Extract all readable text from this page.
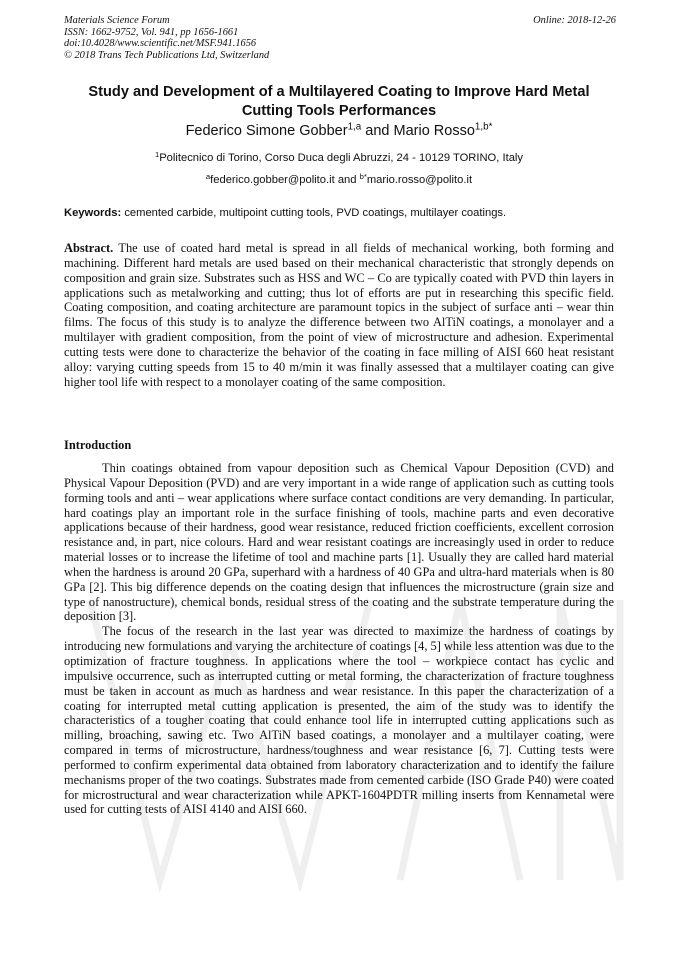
Materials Science Forum
ISSN: 1662-9752, Vol. 941, pp 1656-1661
doi:10.4028/www.scientific.net/MSF.941.1656
© 2018 Trans Tech Publications Ltd, Switzerland
Online: 2018-12-26
Study and Development of a Multilayered Coating to Improve Hard Metal
Cutting Tools Performances
Federico Simone Gobber$^{1,a}$ and Mario Rosso$^{1,b*}$
$^1$Politecnico di Torino, Corso Duca degli Abruzzi, 24 - 10129 TORINO, Italy
$^a$federico.gobber@polito.it and $^{b*}$mario.rosso@polito.it
Keywords: cemented carbide, multipoint cutting tools, PVD coatings, multilayer coatings.

Abstract. The use of coated hard metal is spread in all fields of mechanical working, both forming and machining. Different hard metals are used based on their mechanical characteristic that strongly depends on composition and grain size. Substrates such as HSS and WC – Co are typically coated with PVD thin layers in applications such as metalworking and cutting; thus lot of efforts are put in researching this specific field. Coating composition, and coating architecture are paramount topics in the subject of surface anti – wear thin films. The focus of this study is to analyze the difference between two AlTiN coatings, a monolayer and a multilayer with gradient composition, from the point of view of microstructure and adhesion. Experimental cutting tests were done to characterize the behavior of the coating in face milling of AISI 660 heat resistant alloy: varying cutting speeds from 15 to 40 m/min it was finally assessed that a multilayer coating can give higher tool life with respect to a monolayer coating of the same composition.

Introduction

Thin coatings obtained from vapour deposition such as Chemical Vapour Deposition (CVD) and Physical Vapour Deposition (PVD) and are very important in a wide range of application such as cutting tools forming tools and anti – wear applications where surface contact conditions are very demanding. In particular, hard coatings play an important role in the surface finishing of tools, machine parts and even decorative applications because of their hardness, good wear resistance, reduced friction coefficients, excellent corrosion resistance and, in part, nice colours. Hard and wear resistant coatings are increasingly used in order to reduce material losses or to increase the lifetime of tool and machine parts [1]. Usually they are called hard material when the hardness is around 20 GPa, superhard with a hardness of 40 GPa and ultra-hard materials when is 80 GPa [2]. This big difference depends on the coating design that influences the microstructure (grain size and type of nanostructure), chemical bonds, residual stress of the coating and the substrate temperature during the deposition [3].

The focus of the research in the last year was directed to maximize the hardness of coatings by introducing new formulations and varying the architecture of coatings [4, 5] while less attention was due to the optimization of fracture toughness. In applications where the tool – workpiece contact has cyclic and impulsive occurrence, such as interrupted cutting or metal forming, the characterization of fracture toughness must be taken in account as much as hardness and wear resistance. In this paper the characterization of a coating for interrupted metal cutting application is presented, the aim of the study was to identify the characteristics of a tougher coating that could enhance tool life in interrupted cutting applications such as milling, broaching, sawing etc. Two AlTiN based coatings, a monolayer and a multilayer coating, were compared in terms of microstructure, hardness/toughness and wear resistance [6, 7]. Cutting tests were performed to confirm experimental data obtained from laboratory characterization and to identify the failure mechanisms proper of the two coatings. Substrates made from cemented carbide (ISO Grade P40) were coated for microstructural and wear characterization while APKT-1604PDTR milling inserts from Kennametal were used for cutting tests of AISI 4140 and AISI 660.
